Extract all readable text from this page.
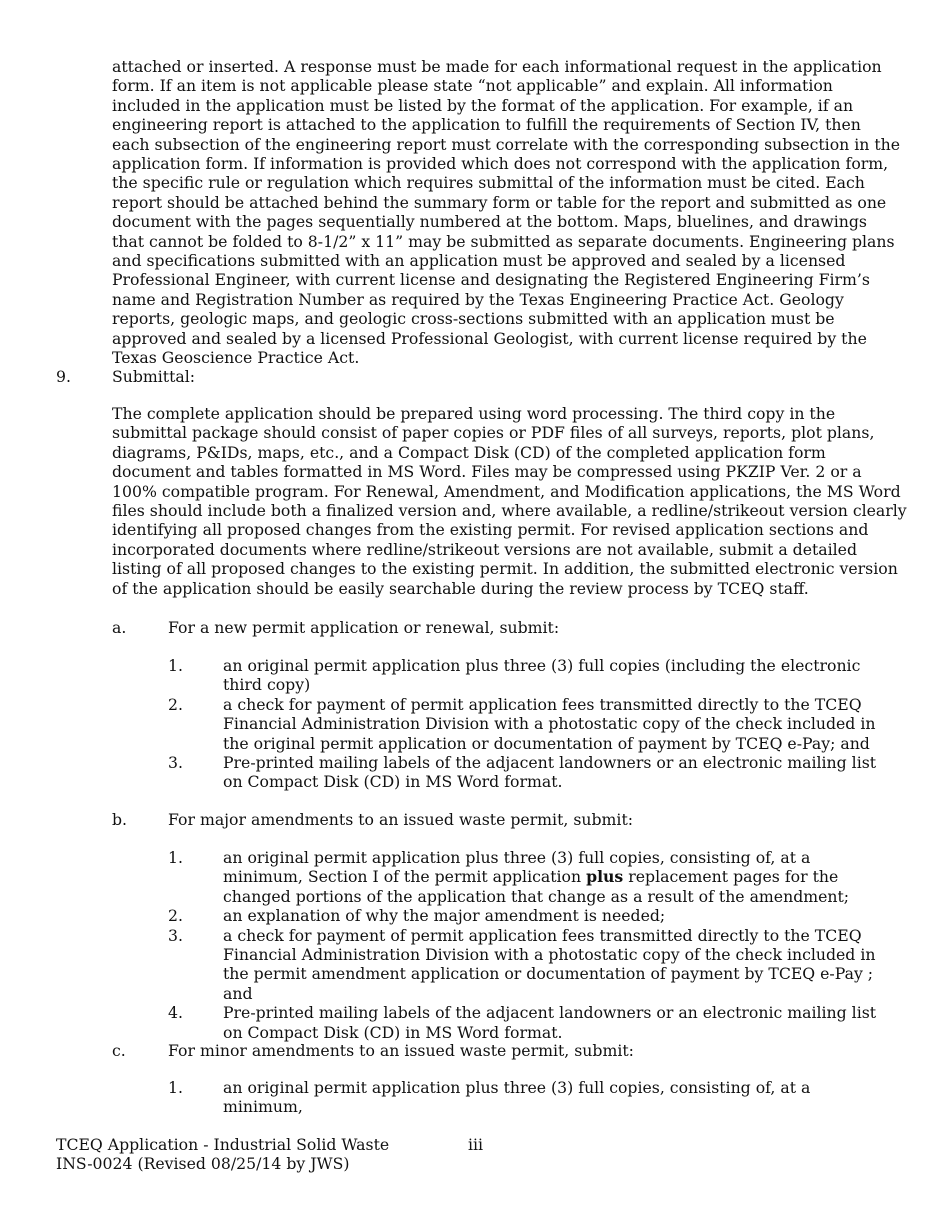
attached or inserted. A response must be made for each informational request in the application form. If an item is not applicable please state “not applicable” and explain. All information included in the application must be listed by the format of the application. For example, if an engineering report is attached to the application to fulfill the requirements of Section IV, then each subsection of the engineering report must correlate with the corresponding subsection in the application form. If information is provided which does not correspond with the application form, the specific rule or regulation which requires submittal of the information must be cited. Each report should be attached behind the summary form or table for the report and submitted as one document with the pages sequentially numbered at the bottom. Maps, bluelines, and drawings that cannot be folded to 8-1/2” x 11” may be submitted as separate documents. Engineering plans and specifications submitted with an application must be approved and sealed by a licensed Professional Engineer, with current license and designating the Registered Engineering Firm’s name and Registration Number as required by the Texas Engineering Practice Act. Geology reports, geologic maps, and geologic cross-sections submitted with an application must be approved and sealed by a licensed Professional Geologist, with current license required by the Texas Geoscience Practice Act.

9.	Submittal:

The complete application should be prepared using word processing. The third copy in the submittal package should consist of paper copies or PDF files of all surveys, reports, plot plans, diagrams, P&IDs, maps, etc., and a Compact Disk (CD) of the completed application form document and tables formatted in MS Word. Files may be compressed using PKZIP Ver. 2 or a 100% compatible program. For Renewal, Amendment, and Modification applications, the MS Word files should include both a finalized version and, where available, a redline/strikeout version clearly identifying all proposed changes from the existing permit. For revised application sections and incorporated documents where redline/strikeout versions are not available, submit a detailed listing of all proposed changes to the existing permit. In addition, the submitted electronic version of the application should be easily searchable during the review process by TCEQ staff.

a.	For a new permit application or renewal, submit:
1.	an original permit application plus three (3) full copies (including the electronic third copy)
2.	a check for payment of permit application fees transmitted directly to the TCEQ Financial Administration Division with a photostatic copy of the check included in the original permit application or documentation of payment by TCEQ e-Pay; and
3.	Pre-printed mailing labels of the adjacent landowners or an electronic mailing list on Compact Disk (CD) in MS Word format.
b.	For major amendments to an issued waste permit, submit:
1.	an original permit application plus three (3) full copies, consisting of, at a minimum, Section I of the permit application plus replacement pages for the changed portions of the application that change as a result of the amendment;
2.	an explanation of why the major amendment is needed;
3.	a check for payment of permit application fees transmitted directly to the TCEQ Financial Administration Division with a photostatic copy of the check included in the permit amendment application or documentation of payment by TCEQ e-Pay ; and
4.	Pre-printed mailing labels of the adjacent landowners or an electronic mailing list on Compact Disk (CD) in MS Word format.
c.	For minor amendments to an issued waste permit, submit:
1.	an original permit application plus three (3) full copies, consisting of, at a minimum,
TCEQ Application - Industrial Solid Waste
INS-0024 (Revised 08/25/14 by JWS)
iii
